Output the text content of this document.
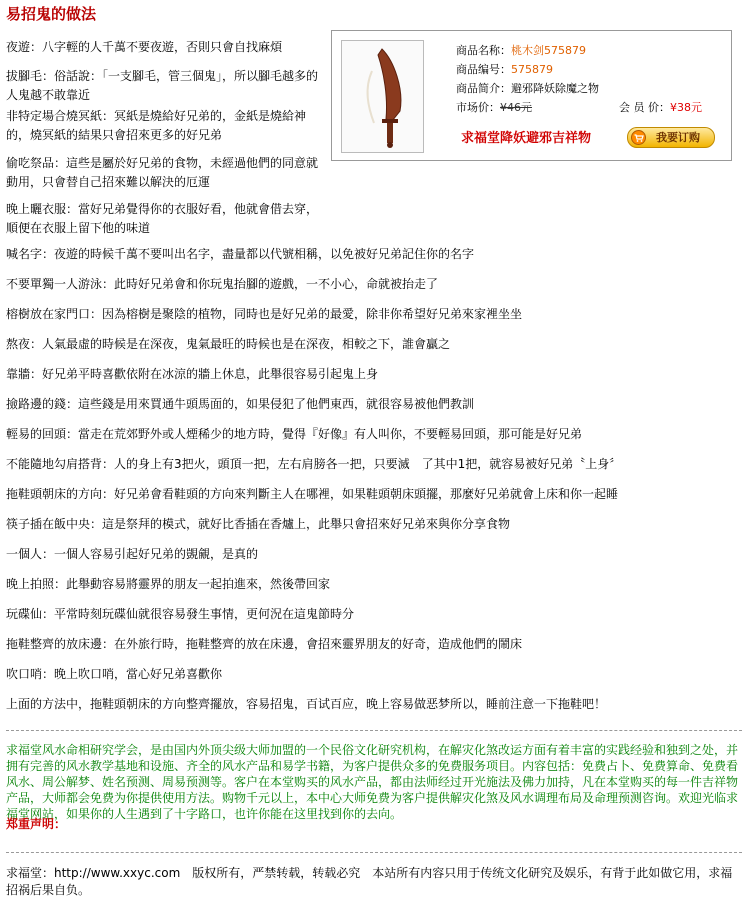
易招鬼的做法

夜遊：八字輕的人千萬不要夜遊，否則只會自找麻煩

拔腳毛：俗話說：「一支腳毛，管三個鬼」，所以腳毛越多的人鬼越不敢靠近

非特定場合燒冥紙：冥紙是燒給好兄弟的，金紙是燒給神的，燒冥紙的結果只會招來更多的好兄弟

偷吃祭品：這些是屬於好兄弟的食物，未經過他們的同意就動用，只會替自己招來難以解決的厄運

晚上曬衣服：當好兄弟覺得你的衣服好看，他就會借去穿，順便在衣服上留下他的味道

商品名称：桃木剑575879
商品编号：575879
商品简介：避邪降妖除魔之物
市场价：¥46元	会 员 价：¥38元
求福堂降妖避邪吉祥物	我要订购

喊名字：夜遊的時候千萬不要叫出名字，盡量都以代號相稱，以免被好兄弟記住你的名字

不要單獨一人游泳：此時好兄弟會和你玩鬼抬腳的遊戲，一不小心，命就被抬走了

榕樹放在家門口：因為榕樹是聚陰的植物，同時也是好兄弟的最愛，除非你希望好兄弟來家裡坐坐

熬夜：人氣最虛的時候是在深夜，鬼氣最旺的時候也是在深夜，相較之下，誰會贏之

靠牆：好兄弟平時喜歡依附在冰涼的牆上休息，此舉很容易引起鬼上身

撿路邊的錢：這些錢是用來買通牛頭馬面的，如果侵犯了他們東西，就很容易被他們教訓

輕易的回頭：當走在荒郊野外或人煙稀少的地方時，覺得『好像』有人叫你，不要輕易回頭，那可能是好兄弟

不能隨地勾肩搭背：人的身上有3把火，頭頂一把，左右肩膀各一把，只要滅　了其中1把，就容易被好兄弟〝上身〞

拖鞋頭朝床的方向：好兄弟會看鞋頭的方向來判斷主人在哪裡，如果鞋頭朝床頭擺，那麼好兄弟就會上床和你一起睡

筷子插在飯中央：這是祭拜的模式，就好比香插在香爐上，此舉只會招來好兄弟來與你分享食物

一個人：一個人容易引起好兄弟的覬覦，是真的

晚上拍照：此舉動容易將靈界的朋友一起拍進來，然後帶回家

玩碟仙：平常時刻玩碟仙就很容易發生事情，更何況在這鬼節時分

拖鞋整齊的放床邊：在外旅行時，拖鞋整齊的放在床邊，會招來靈界朋友的好奇，造成他們的鬧床

吹口哨：晚上吹口哨，當心好兄弟喜歡你

上面的方法中，拖鞋頭朝床的方向整齊擺放，容易招鬼，百试百应，晚上容易做恶梦所以，睡前注意一下拖鞋吧！

求福堂风水命相研究学会，是由国内外顶尖级大师加盟的一个民俗文化研究机构，在解灾化煞改运方面有着丰富的实践经验和独到之处，并拥有完善的风水教学基地和设施、齐全的风水产品和易学书籍，为客户提供众多的免费服务项目。内容包括：免费占卜、免费算命、免费看风水、周公解梦、姓名预测、周易预测等。客户在本堂购买的风水产品，都由法师经过开光施法及佛力加持，凡在本堂购买的每一件吉祥物产品，大师都会免费为你提供使用方法。购物千元以上，本中心大师免费为客户提供解灾化煞及风水调理布局及命理预测咨询。欢迎光临求福堂网站，如果你的人生遇到了十字路口，也许你能在这里找到你的去向。

郑重声明：

求福堂：http://www.xxyc.com　版权所有，严禁转载，转载必究　本站所有内容只用于传统文化研究及娱乐，有背于此如做它用，求福招祸后果自负。
